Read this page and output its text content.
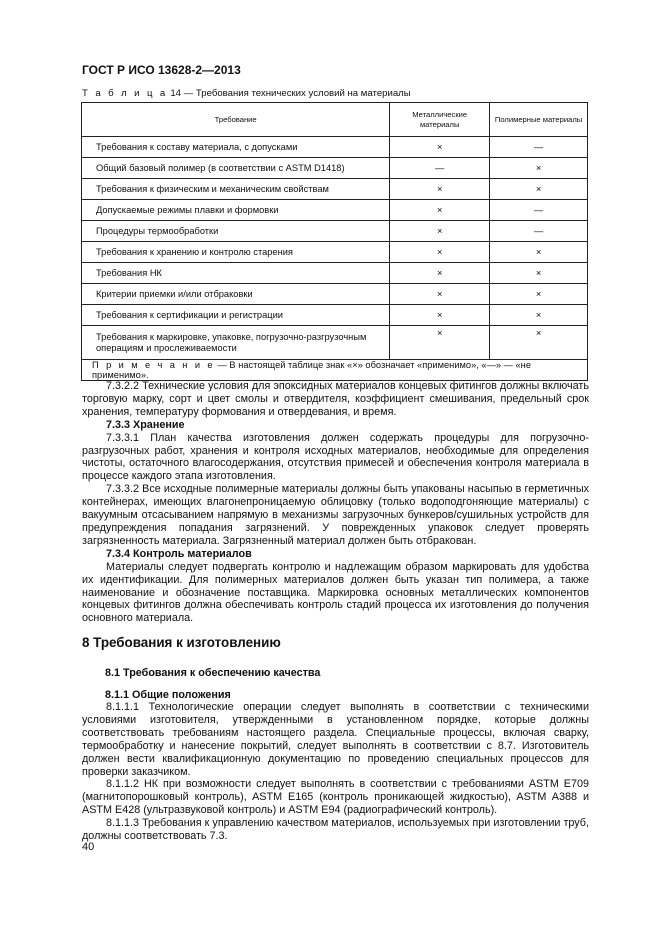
ГОСТ Р ИСО 13628-2—2013
Т а б л и ц а 14 — Требования технических условий на материалы
Требование	Металлические материалы	Полимерные материалы
Требования к составу материала, с допусками	×	—
Общий базовый полимер (в соответствии с ASTM D1418)	—	×
Требования к физическим и механическим свойствам	×	×
Допускаемые режимы плавки и формовки	×	—
Процедуры термообработки	×	—
Требования к хранению и контролю старения	×	×
Требования НК	×	×
Критерии приемки и/или отбраковки	×	×
Требования к сертификации и регистрации	×	×
Требования к маркировке, упаковке, погрузочно-разгрузочным операциям и прослеживаемости	×	×
П р и м е ч а н и е — В настоящей таблице знак «×» обозначает «применимо», «—» — «не применимо».		

7.3.2.2 Технические условия для эпоксидных материалов концевых фитингов должны включать торговую марку, сорт и цвет смолы и отвердителя, коэффициент смешивания, предельный срок хранения, температуру формования и отвердевания, и время.

7.3.3 Хранение

7.3.3.1 План качества изготовления должен содержать процедуры для погрузочно-разгрузочных работ, хранения и контроля исходных материалов, необходимые для определения чистоты, остаточного влагосодержания, отсутствия примесей и обеспечения контроля материала в процессе каждого этапа изготовления.

7.3.3.2 Все исходные полимерные материалы должны быть упакованы насыпью в герметичных контейнерах, имеющих влагонепроницаемую облицовку (только водоподгоняющие материалы) с вакуумным отсасыванием напрямую в механизмы загрузочных бункеров/сушильных устройств для предупреждения попадания загрязнений. У поврежденных упаковок следует проверять загрязненность материала. Загрязненный материал должен быть отбракован.

7.3.4 Контроль материалов

Материалы следует подвергать контролю и надлежащим образом маркировать для удобства их идентификации. Для полимерных материалов должен быть указан тип полимера, а также наименование и обозначение поставщика. Маркировка основных металлических компонентов концевых фитингов должна обеспечивать контроль стадий процесса их изготовления до получения основного материала.

8 Требования к изготовлению
8.1 Требования к обеспечению качества
8.1.1 Общие положения

8.1.1.1 Технологические операции следует выполнять в соответствии с техническими условиями изготовителя, утвержденными в установленном порядке, которые должны соответствовать требованиям настоящего раздела. Специальные процессы, включая сварку, термообработку и нанесение покрытий, следует выполнять в соответствии с 8.7. Изготовитель должен вести квалификационную документацию по проведению специальных процессов для проверки заказчиком.

8.1.1.2 НК при возможности следует выполнять в соответствии с требованиями ASTM E709 (магнитопорошковый контроль), ASTM E165 (контроль проникающей жидкостью), ASTM A388 и ASTM E428 (ультразвуковой контроль) и ASTM E94 (радиографический контроль).

8.1.1.3 Требования к управлению качеством материалов, используемых при изготовлении труб, должны соответствовать 7.3.

40
